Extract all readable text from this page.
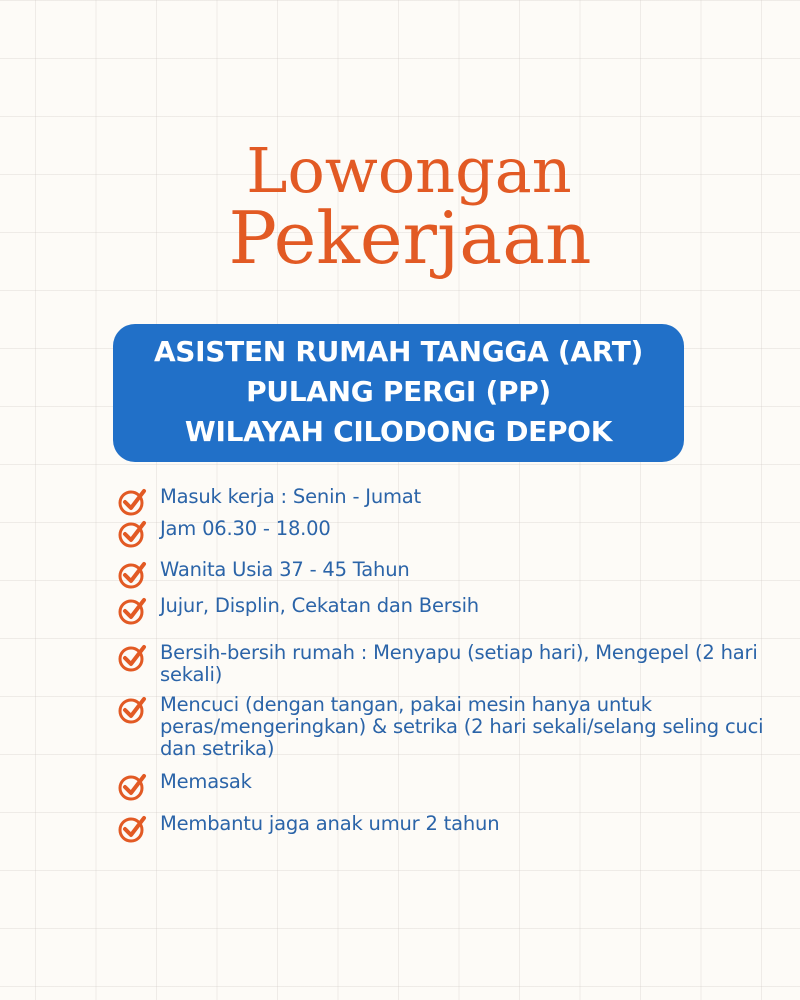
Lowongan
Pekerjaan
ASISTEN RUMAH TANGGA (ART)
PULANG PERGI (PP)
WILAYAH CILODONG DEPOK
Masuk kerja : Senin - Jumat
Jam 06.30 - 18.00
Wanita Usia 37 - 45 Tahun
Jujur, Displin, Cekatan dan Bersih
Bersih-bersih rumah : Menyapu (setiap hari), Mengepel (2 hari sekali)
Mencuci (dengan tangan, pakai mesin hanya untuk peras/mengeringkan) & setrika (2 hari sekali/selang seling cuci dan setrika)
Memasak
Membantu jaga anak umur 2 tahun
